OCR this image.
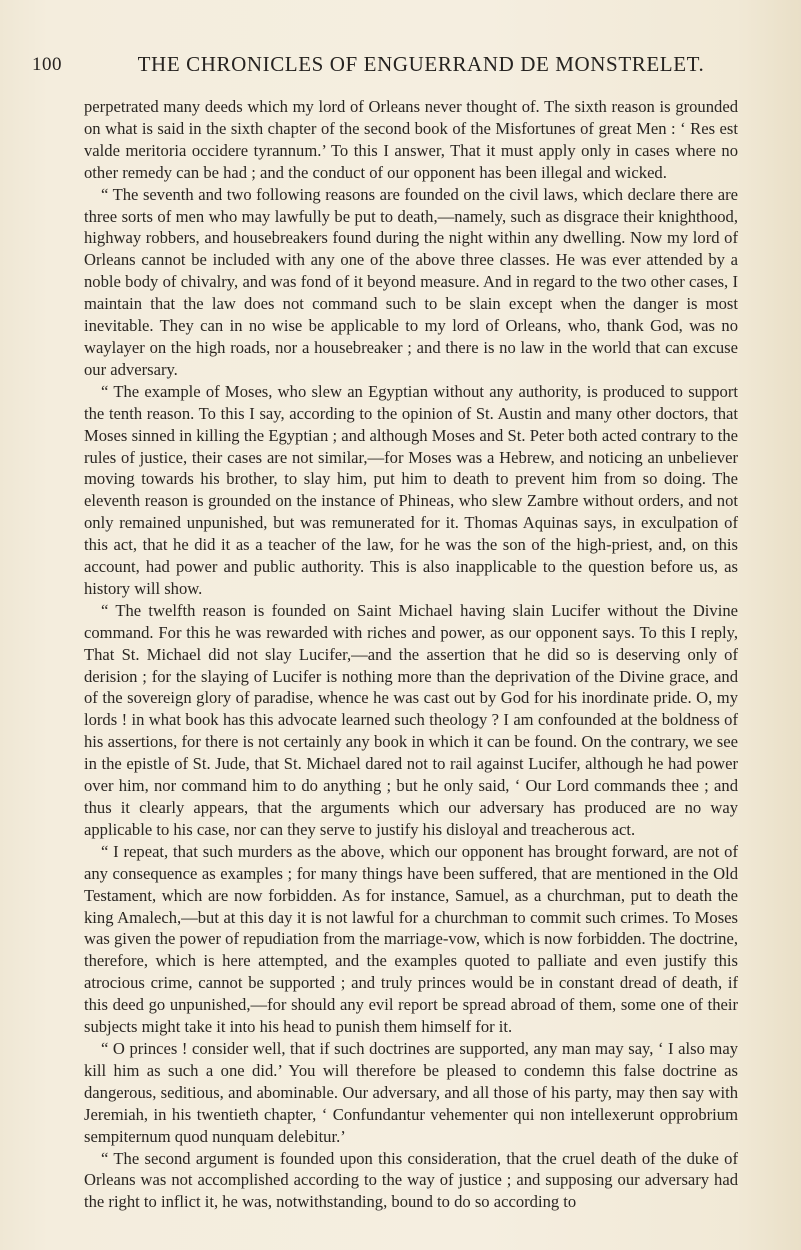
100	THE CHRONICLES OF ENGUERRAND DE MONSTRELET.

perpetrated many deeds which my lord of Orleans never thought of. The sixth reason is grounded on what is said in the sixth chapter of the second book of the Misfortunes of great Men : ‘ Res est valde meritoria occidere tyrannum.’ To this I answer, That it must apply only in cases where no other remedy can be had ; and the conduct of our opponent has been illegal and wicked.

“ The seventh and two following reasons are founded on the civil laws, which declare there are three sorts of men who may lawfully be put to death,—namely, such as disgrace their knighthood, highway robbers, and housebreakers found during the night within any dwelling. Now my lord of Orleans cannot be included with any one of the above three classes. He was ever attended by a noble body of chivalry, and was fond of it beyond measure. And in regard to the two other cases, I maintain that the law does not command such to be slain except when the danger is most inevitable. They can in no wise be applicable to my lord of Orleans, who, thank God, was no waylayer on the high roads, nor a housebreaker ; and there is no law in the world that can excuse our adversary.

“ The example of Moses, who slew an Egyptian without any authority, is produced to support the tenth reason. To this I say, according to the opinion of St. Austin and many other doctors, that Moses sinned in killing the Egyptian ; and although Moses and St. Peter both acted contrary to the rules of justice, their cases are not similar,—for Moses was a Hebrew, and noticing an unbeliever moving towards his brother, to slay him, put him to death to prevent him from so doing. The eleventh reason is grounded on the instance of Phineas, who slew Zambre without orders, and not only remained unpunished, but was remunerated for it. Thomas Aquinas says, in exculpation of this act, that he did it as a teacher of the law, for he was the son of the high-priest, and, on this account, had power and public authority. This is also inapplicable to the question before us, as history will show.

“ The twelfth reason is founded on Saint Michael having slain Lucifer without the Divine command. For this he was rewarded with riches and power, as our opponent says. To this I reply, That St. Michael did not slay Lucifer,—and the assertion that he did so is deserving only of derision ; for the slaying of Lucifer is nothing more than the deprivation of the Divine grace, and of the sovereign glory of paradise, whence he was cast out by God for his inordinate pride. O, my lords ! in what book has this advocate learned such theology ? I am confounded at the boldness of his assertions, for there is not certainly any book in which it can be found. On the contrary, we see in the epistle of St. Jude, that St. Michael dared not to rail against Lucifer, although he had power over him, nor command him to do anything ; but he only said, ‘ Our Lord commands thee ; and thus it clearly appears, that the arguments which our adversary has produced are no way applicable to his case, nor can they serve to justify his disloyal and treacherous act.

“ I repeat, that such murders as the above, which our opponent has brought forward, are not of any consequence as examples ; for many things have been suffered, that are mentioned in the Old Testament, which are now forbidden. As for instance, Samuel, as a churchman, put to death the king Amalech,—but at this day it is not lawful for a churchman to commit such crimes. To Moses was given the power of repudiation from the marriage-vow, which is now forbidden. The doctrine, therefore, which is here attempted, and the examples quoted to palliate and even justify this atrocious crime, cannot be supported ; and truly princes would be in constant dread of death, if this deed go unpunished,—for should any evil report be spread abroad of them, some one of their subjects might take it into his head to punish them himself for it.

“ O princes ! consider well, that if such doctrines are supported, any man may say, ‘ I also may kill him as such a one did.’ You will therefore be pleased to condemn this false doctrine as dangerous, seditious, and abominable. Our adversary, and all those of his party, may then say with Jeremiah, in his twentieth chapter, ‘ Confundantur vehementer qui non intellexerunt opprobrium sempiternum quod nunquam delebitur.’

“ The second argument is founded upon this consideration, that the cruel death of the duke of Orleans was not accomplished according to the way of justice ; and supposing our adversary had the right to inflict it, he was, notwithstanding, bound to do so according to
